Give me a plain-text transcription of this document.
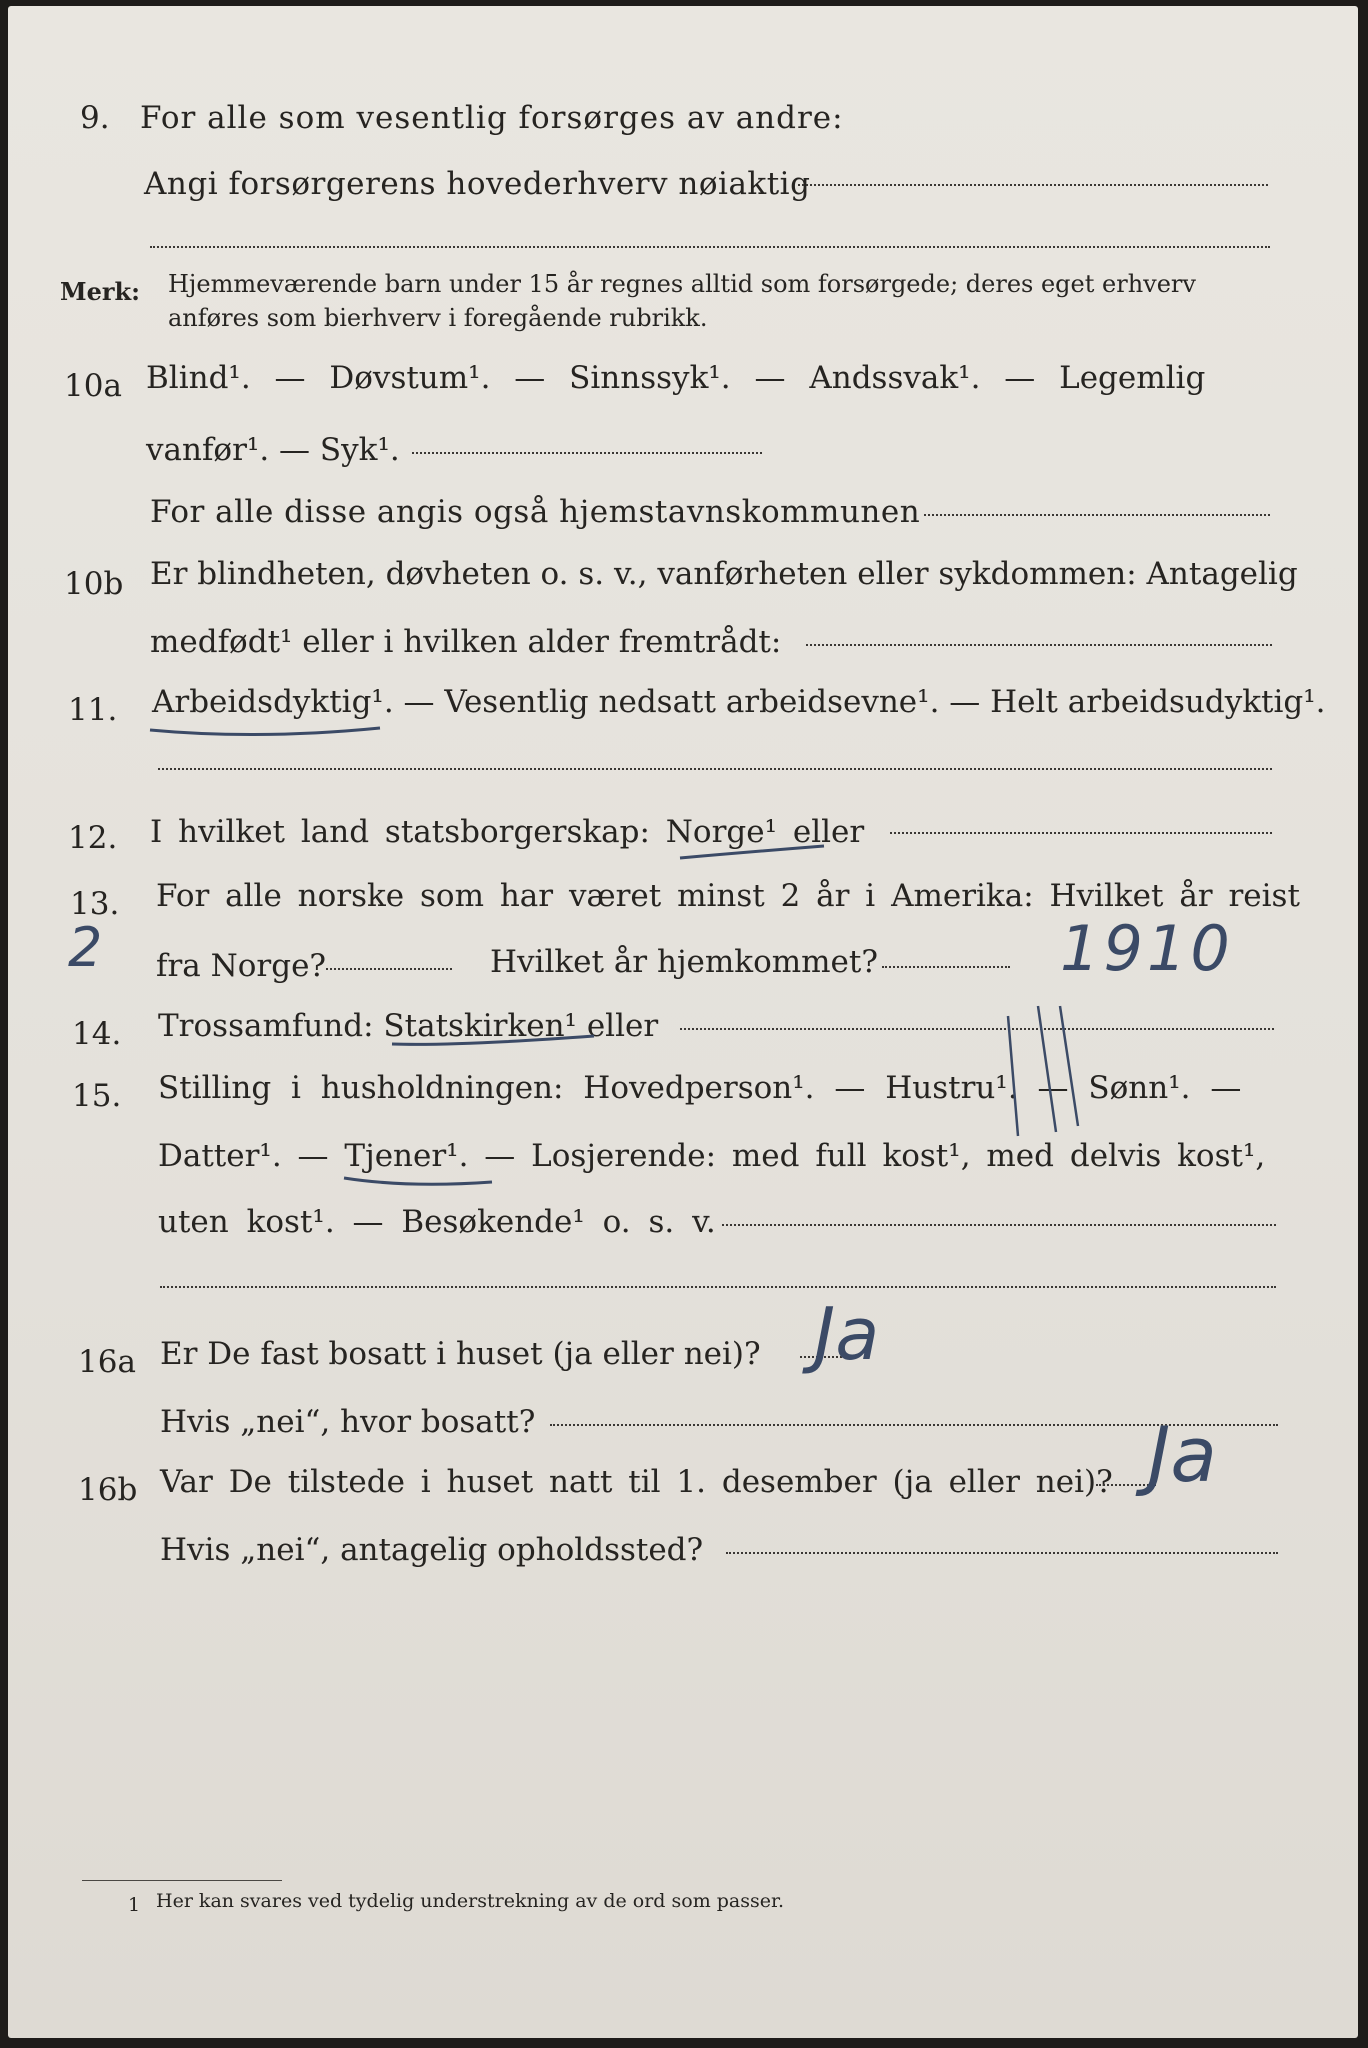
9. For alle som vesentlig forsørges av andre:
Angi forsørgerens hovederhverv nøiaktig
Merk: Hjemmeværende barn under 15 år regnes alltid som forsørgede; deres eget erhverv
anføres som bierhverv i foregående rubrikk.
10a Blind¹. — Døvstum¹. — Sinnssyk¹. — Andssvak¹. — Legemlig
vanfør¹. — Syk¹.
For alle disse angis også hjemstavnskommunen
10b Er blindheten, døvheten o. s. v., vanførheten eller sykdommen: Antagelig
medfødt¹ eller i hvilken alder fremtrådt:
11. Arbeidsdyktig¹. — Vesentlig nedsatt arbeidsevne¹. — Helt arbeidsudyktig¹.
12. I hvilket land statsborgerskap: Norge¹ eller
13. For alle norske som har været minst 2 år i Amerika: Hvilket år reist
fra Norge?	Hvilket år hjemkommet?
14. Trossamfund: Statskirken¹ eller
15. Stilling i husholdningen: Hovedperson¹. — Hustru¹. — Sønn¹. —
Datter¹. — Tjener¹. — Losjerende: med full kost¹, med delvis kost¹,
uten kost¹. — Besøkende¹ o. s. v.
16a Er De fast bosatt i huset (ja eller nei)?
Hvis „nei“, hvor bosatt?
16b Var De tilstede i huset natt til 1. desember (ja eller nei)?
Hvis „nei“, antagelig opholdssted?
1 Her kan svares ved tydelig understrekning av de ord som passer.
2	1910
Ja
Ja
